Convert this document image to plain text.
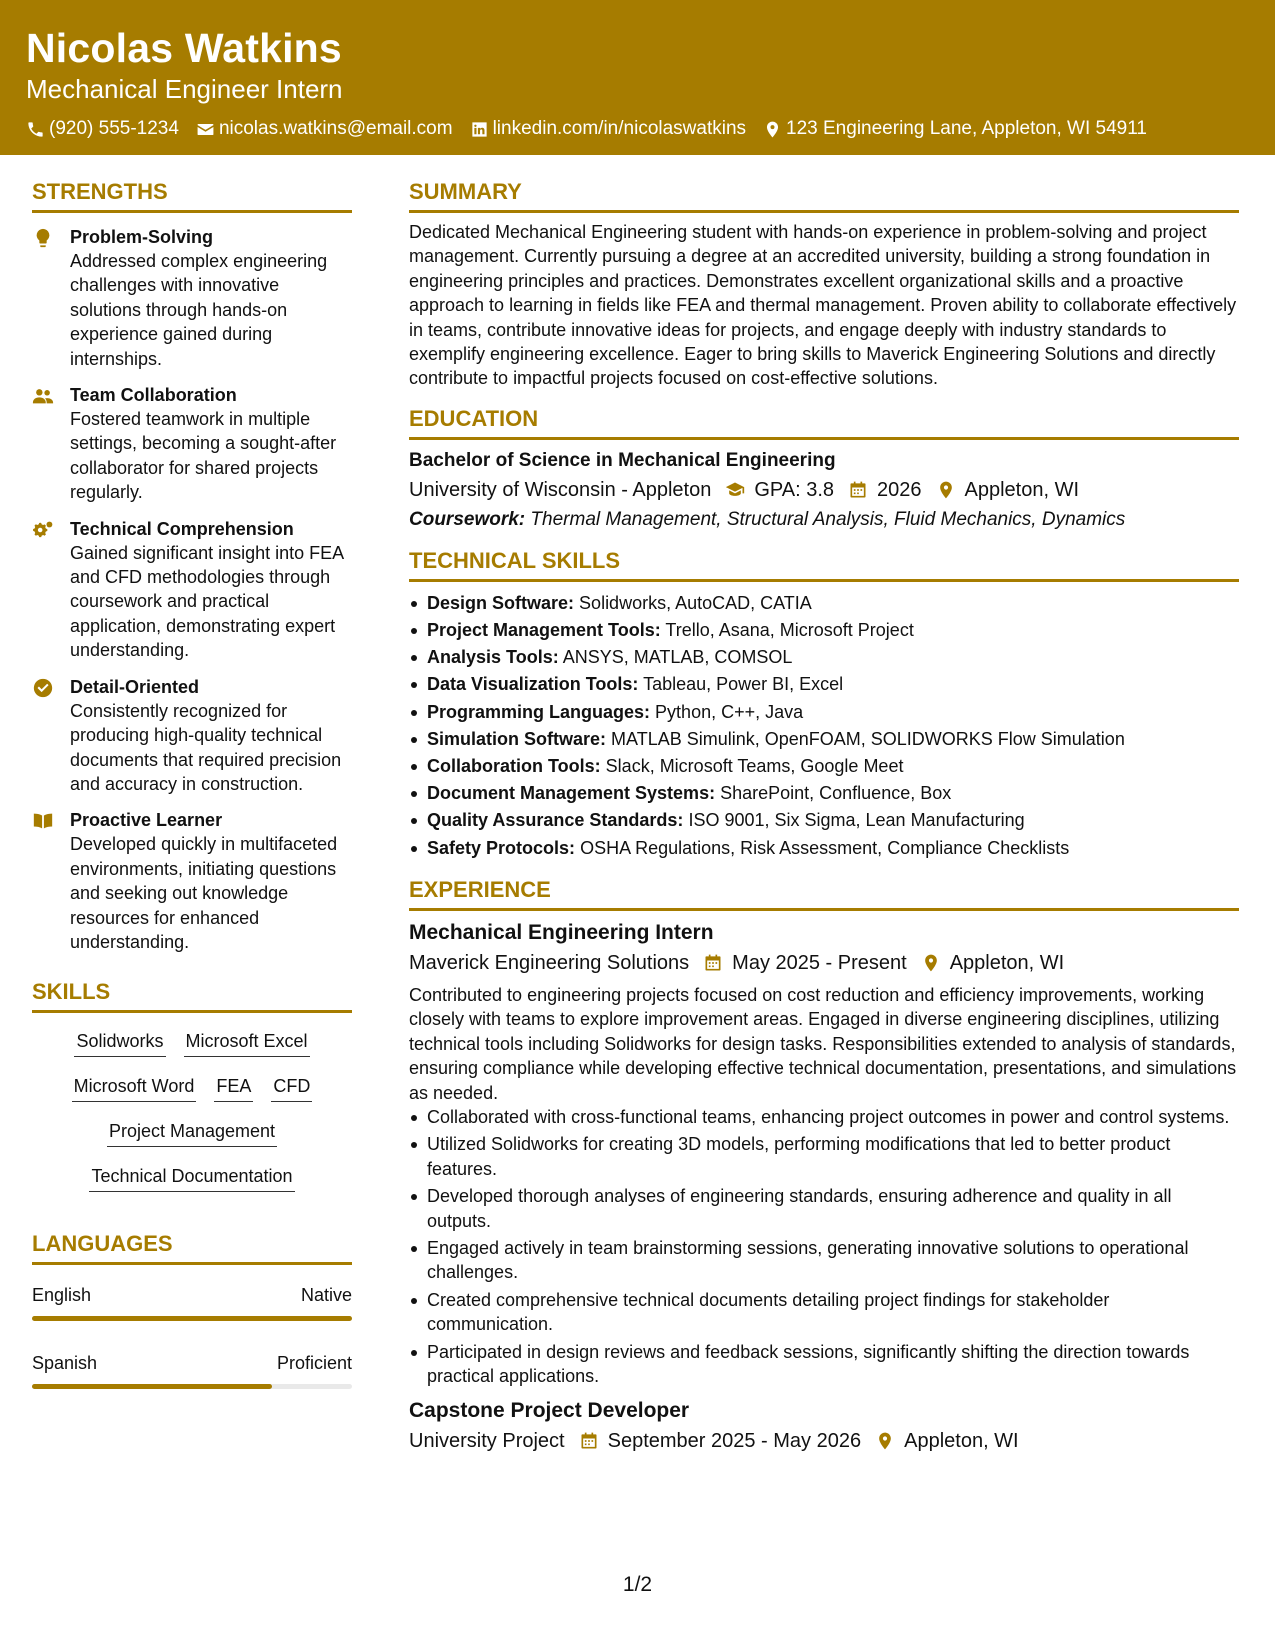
Nicolas Watkins
Mechanical Engineer Intern
(920) 555-1234 nicolas.watkins@email.com linkedin.com/in/nicolaswatkins 123 Engineering Lane, Appleton, WI 54911
STRENGTHS
Problem-Solving
Addressed complex engineering challenges with innovative solutions through hands-on experience gained during internships.
Team Collaboration
Fostered teamwork in multiple settings, becoming a sought-after collaborator for shared projects regularly.
Technical Comprehension
Gained significant insight into FEA and CFD methodologies through coursework and practical application, demonstrating expert understanding.
Detail-Oriented
Consistently recognized for producing high-quality technical documents that required precision and accuracy in construction.
Proactive Learner
Developed quickly in multifaceted environments, initiating questions and seeking out knowledge resources for enhanced understanding.
SKILLS
Solidworks Microsoft Excel
Microsoft Word FEA CFD
Project Management
Technical Documentation
LANGUAGES
English	Native
Spanish	Proficient
SUMMARY
Dedicated Mechanical Engineering student with hands-on experience in problem-solving and project management. Currently pursuing a degree at an accredited university, building a strong foundation in engineering principles and practices. Demonstrates excellent organizational skills and a proactive approach to learning in fields like FEA and thermal management. Proven ability to collaborate effectively in teams, contribute innovative ideas for projects, and engage deeply with industry standards to exemplify engineering excellence. Eager to bring skills to Maverick Engineering Solutions and directly contribute to impactful projects focused on cost-effective solutions.
EDUCATION
Bachelor of Science in Mechanical Engineering
University of Wisconsin - Appleton GPA: 3.8 2026 Appleton, WI
Coursework: Thermal Management, Structural Analysis, Fluid Mechanics, Dynamics
TECHNICAL SKILLS
Design Software: Solidworks, AutoCAD, CATIA
Project Management Tools: Trello, Asana, Microsoft Project
Analysis Tools: ANSYS, MATLAB, COMSOL
Data Visualization Tools: Tableau, Power BI, Excel
Programming Languages: Python, C++, Java
Simulation Software: MATLAB Simulink, OpenFOAM, SOLIDWORKS Flow Simulation
Collaboration Tools: Slack, Microsoft Teams, Google Meet
Document Management Systems: SharePoint, Confluence, Box
Quality Assurance Standards: ISO 9001, Six Sigma, Lean Manufacturing
Safety Protocols: OSHA Regulations, Risk Assessment, Compliance Checklists
EXPERIENCE
Mechanical Engineering Intern
Maverick Engineering Solutions May 2025 - Present Appleton, WI
Contributed to engineering projects focused on cost reduction and efficiency improvements, working closely with teams to explore improvement areas. Engaged in diverse engineering disciplines, utilizing technical tools including Solidworks for design tasks. Responsibilities extended to analysis of standards, ensuring compliance while developing effective technical documentation, presentations, and simulations as needed.
Collaborated with cross-functional teams, enhancing project outcomes in power and control systems.
Utilized Solidworks for creating 3D models, performing modifications that led to better product features.
Developed thorough analyses of engineering standards, ensuring adherence and quality in all outputs.
Engaged actively in team brainstorming sessions, generating innovative solutions to operational challenges.
Created comprehensive technical documents detailing project findings for stakeholder communication.
Participated in design reviews and feedback sessions, significantly shifting the direction towards practical applications.
Capstone Project Developer
University Project September 2025 - May 2026 Appleton, WI
1/2
